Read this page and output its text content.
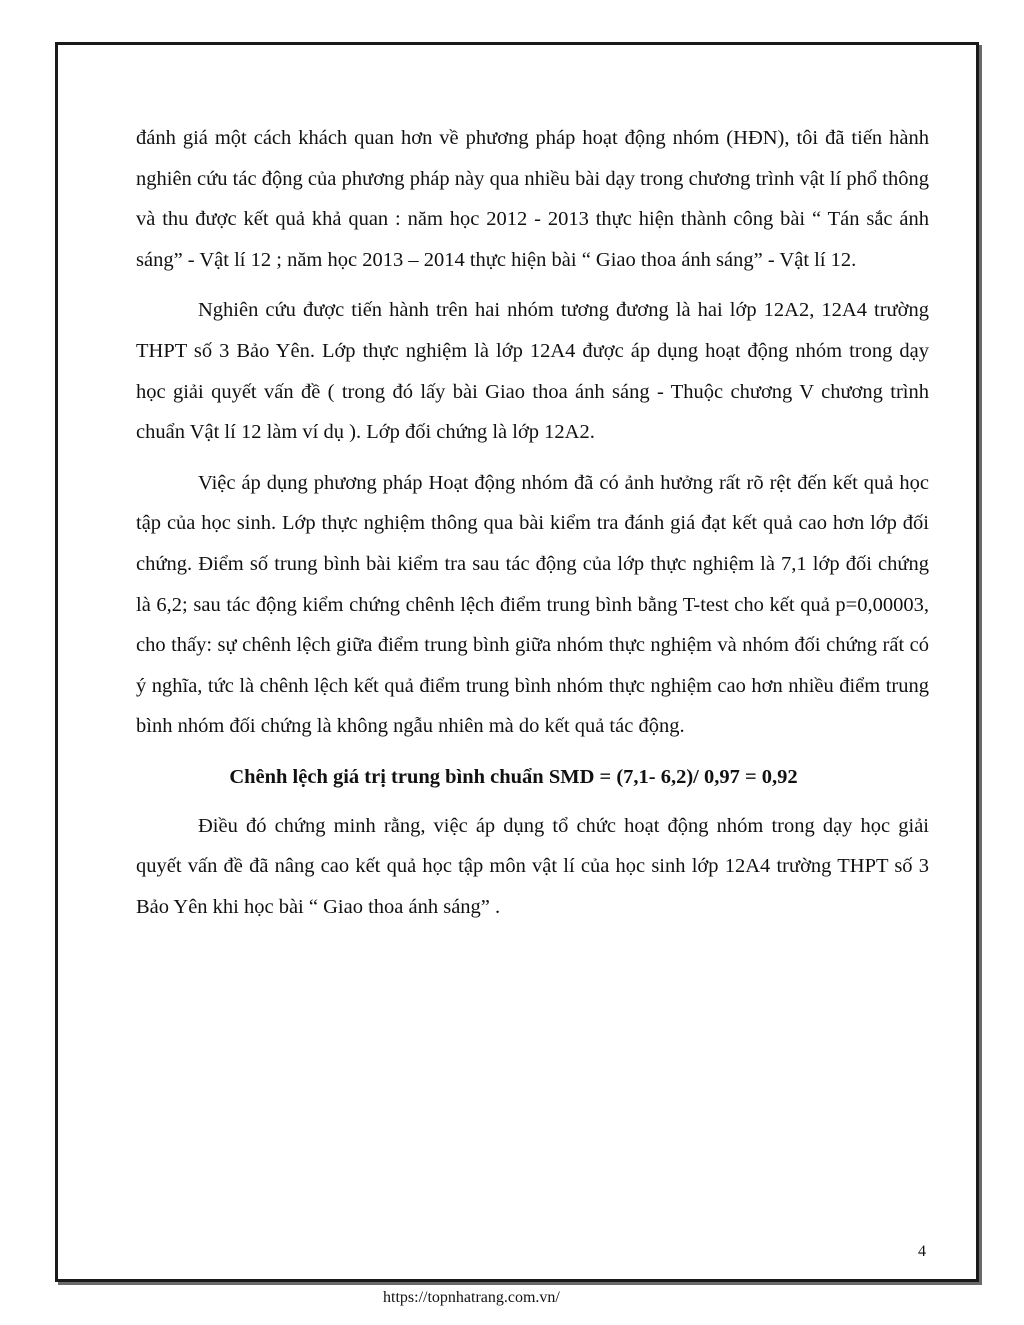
đánh giá một cách khách quan hơn về phương pháp hoạt động nhóm (HĐN), tôi đã tiến hành nghiên cứu tác động của phương pháp này qua nhiều bài dạy trong chương trình vật lí phổ thông và thu được kết quả khả quan : năm học 2012 - 2013 thực hiện thành công bài “ Tán sắc ánh sáng” - Vật lí 12 ; năm học 2013 – 2014 thực hiện bài “ Giao thoa ánh sáng” - Vật lí 12.

Nghiên cứu được tiến hành trên hai nhóm tương đương là hai lớp 12A2, 12A4 trường THPT số 3 Bảo Yên. Lớp thực nghiệm là lớp 12A4 được áp dụng hoạt động nhóm trong dạy học giải quyết vấn đề ( trong đó lấy bài Giao thoa ánh sáng - Thuộc chương V chương trình chuẩn Vật lí 12 làm ví dụ ). Lớp đối chứng là lớp 12A2.

Việc áp dụng phương pháp Hoạt động nhóm đã có ảnh hưởng rất rõ rệt đến kết quả học tập của học sinh. Lớp thực nghiệm thông qua bài kiểm tra đánh giá đạt kết quả cao hơn lớp đối chứng. Điểm số trung bình bài kiểm tra sau tác động của lớp thực nghiệm là 7,1 lớp đối chứng là 6,2; sau tác động kiểm chứng chênh lệch điểm trung bình bằng T-test cho kết quả p=0,00003, cho thấy: sự chênh lệch giữa điểm trung bình giữa nhóm thực nghiệm và nhóm đối chứng rất có ý nghĩa, tức là chênh lệch kết quả điểm trung bình nhóm thực nghiệm cao hơn nhiều điểm trung bình nhóm đối chứng là không ngẫu nhiên mà do kết quả tác động.

Chênh lệch giá trị trung bình chuẩn SMD = (7,1- 6,2)/ 0,97 = 0,92

Điều đó chứng minh rằng, việc áp dụng tổ chức hoạt động nhóm trong dạy học giải quyết vấn đề đã nâng cao kết quả học tập môn vật lí của học sinh lớp 12A4 trường THPT số 3 Bảo Yên khi học bài “ Giao thoa ánh sáng” .

4
https://topnhatrang.com.vn/
